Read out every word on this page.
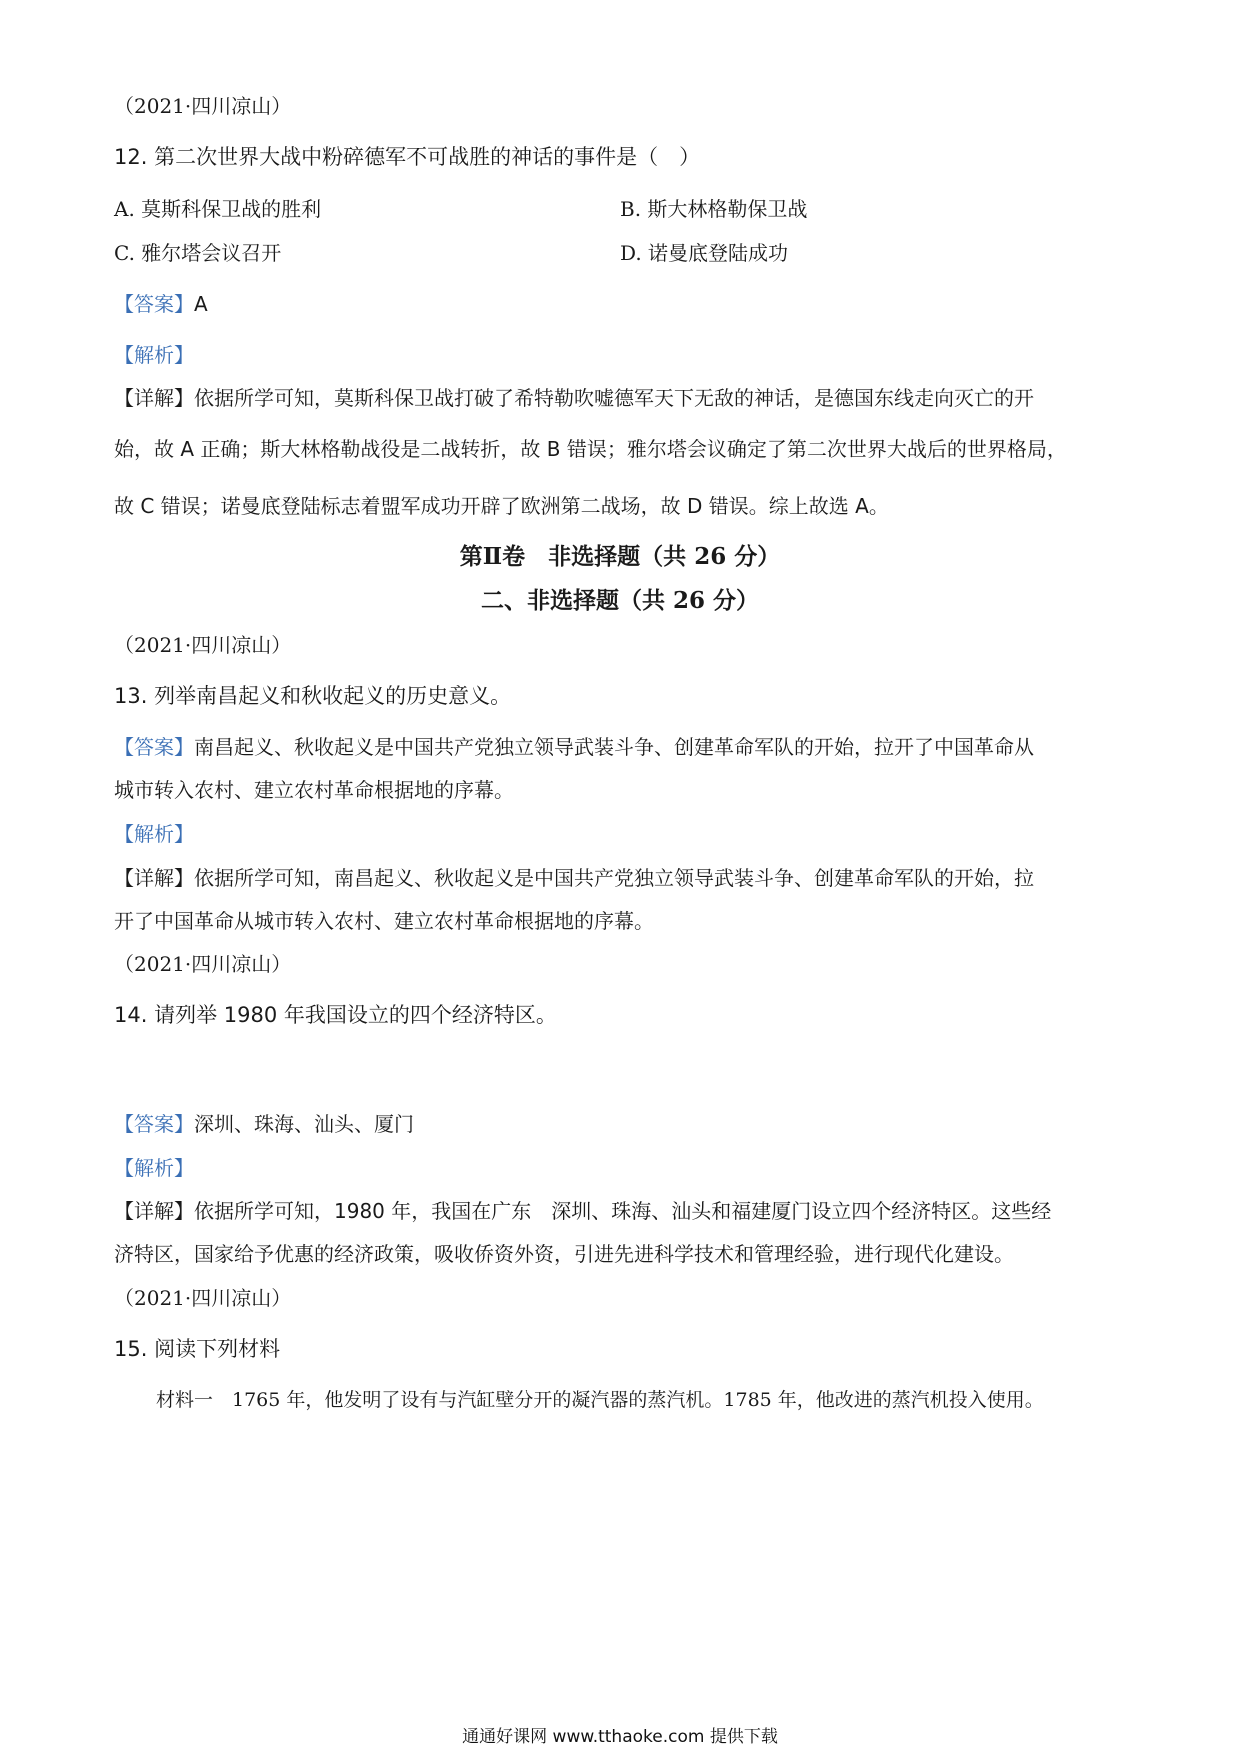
（2021·四川凉山）
12. 第二次世界大战中粉碎德军不可战胜的神话的事件是（　）
A. 莫斯科保卫战的胜利	B. 斯大林格勒保卫战
C. 雅尔塔会议召开	D. 诺曼底登陆成功
【答案】A
【解析】
【详解】依据所学可知，莫斯科保卫战打破了希特勒吹嘘德军天下无敌的神话，是德国东线走向灭亡的开
始，故 A 正确；斯大林格勒战役是二战转折，故 B 错误；雅尔塔会议确定了第二次世界大战后的世界格局，
故 C 错误；诺曼底登陆标志着盟军成功开辟了欧洲第二战场，故 D 错误。综上故选 A。
第Ⅱ卷　非选择题（共 26 分）
二、非选择题（共 26 分）
（2021·四川凉山）
13. 列举南昌起义和秋收起义的历史意义。
【答案】南昌起义、秋收起义是中国共产党独立领导武装斗争、创建革命军队的开始，拉开了中国革命从
城市转入农村、建立农村革命根据地的序幕。
【解析】
【详解】依据所学可知，南昌起义、秋收起义是中国共产党独立领导武装斗争、创建革命军队的开始，拉
开了中国革命从城市转入农村、建立农村革命根据地的序幕。
（2021·四川凉山）
14. 请列举 1980 年我国设立的四个经济特区。
【答案】深圳、珠海、汕头、厦门
【解析】
【详解】依据所学可知，1980 年，我国在广东　深圳、珠海、汕头和福建厦门设立四个经济特区。这些经
济特区，国家给予优惠的经济政策，吸收侨资外资，引进先进科学技术和管理经验，进行现代化建设。
（2021·四川凉山）
15. 阅读下列材料
材料一　1765 年，他发明了设有与汽缸壁分开的凝汽器的蒸汽机。1785 年，他改进的蒸汽机投入使用。
通通好课网 www.tthaoke.com 提供下载
